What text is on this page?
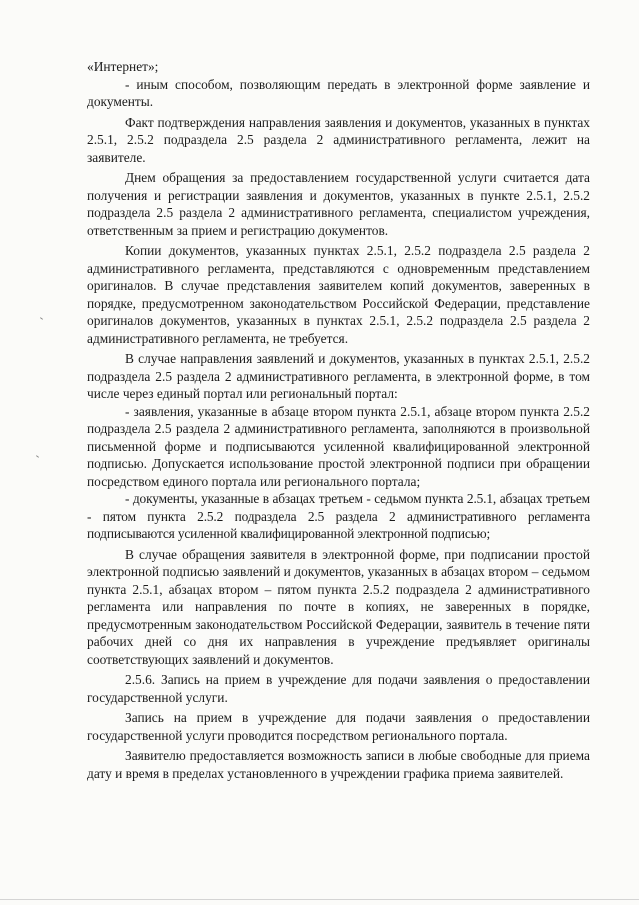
«Интернет»;

- иным способом, позволяющим передать в электронной форме заявление и документы.

Факт подтверждения направления заявления и документов, указанных в пунктах 2.5.1, 2.5.2 подраздела 2.5 раздела 2 административного регламента, лежит на заявителе.

Днем обращения за предоставлением государственной услуги считается дата получения и регистрации заявления и документов, указанных в пункте 2.5.1, 2.5.2 подраздела 2.5 раздела 2 административного регламента, специалистом учреждения, ответственным за прием и регистрацию документов.

Копии документов, указанных пунктах 2.5.1, 2.5.2 подраздела 2.5 раздела 2 административного регламента, представляются с одновременным представлением оригиналов. В случае представления заявителем копий документов, заверенных в порядке, предусмотренном законодательством Российской Федерации, представление оригиналов документов, указанных в пунктах 2.5.1, 2.5.2 подраздела 2.5 раздела 2 административного регламента, не требуется.

В случае направления заявлений и документов, указанных в пунктах 2.5.1, 2.5.2 подраздела 2.5 раздела 2 административного регламента, в электронной форме, в том числе через единый портал или региональный портал:

- заявления, указанные в абзаце втором пункта 2.5.1, абзаце втором пункта 2.5.2 подраздела 2.5 раздела 2 административного регламента, заполняются в произвольной письменной форме и подписываются усиленной квалифицированной электронной подписью. Допускается использование простой электронной подписи при обращении посредством единого портала или регионального портала;

- документы, указанные в абзацах третьем - седьмом пункта 2.5.1, абзацах третьем - пятом пункта 2.5.2 подраздела 2.5 раздела 2 административного регламента подписываются усиленной квалифицированной электронной подписью;

В случае обращения заявителя в электронной форме, при подписании простой электронной подписью заявлений и документов, указанных в абзацах втором – седьмом пункта 2.5.1, абзацах втором – пятом пункта 2.5.2 подраздела 2 административного регламента или направления по почте в копиях, не заверенных в порядке, предусмотренным законодательством Российской Федерации, заявитель в течение пяти рабочих дней со дня их направления в учреждение предъявляет оригиналы соответствующих заявлений и документов.

2.5.6. Запись на прием в учреждение для подачи заявления о предоставлении государственной услуги.

Запись на прием в учреждение для подачи заявления о предоставлении государственной услуги проводится посредством регионального портала.

Заявителю предоставляется возможность записи в любые свободные для приема дату и время в пределах установленного в учреждении графика приема заявителей.
